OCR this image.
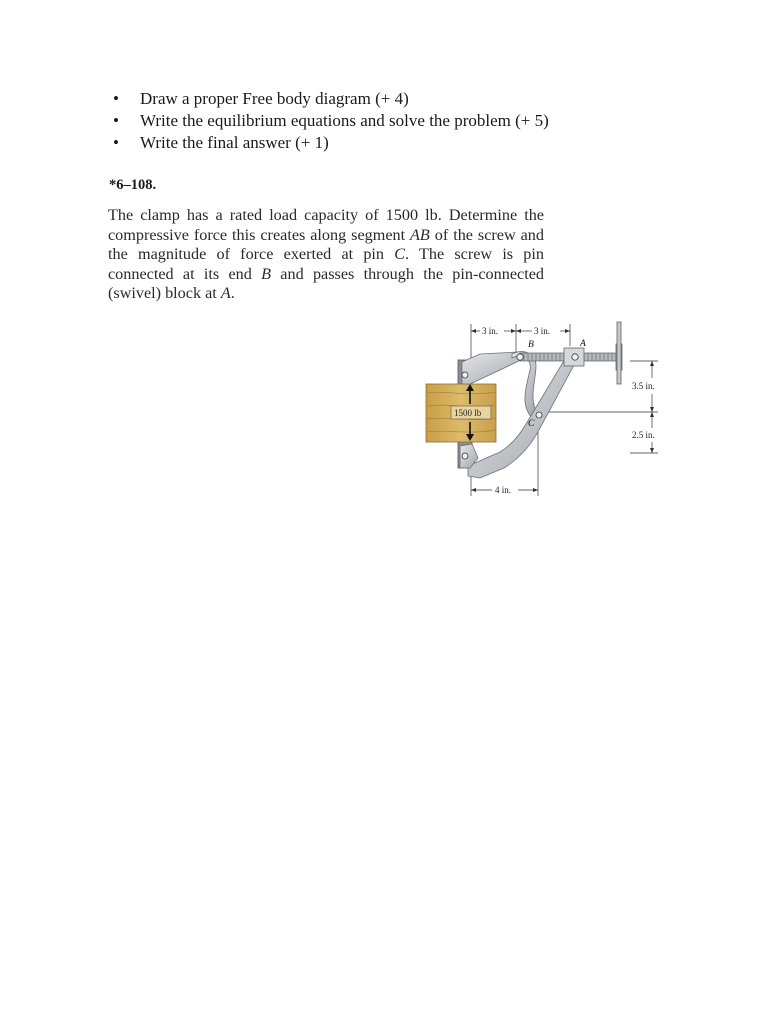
• Draw a proper Free body diagram (+ 4)
• Write the equilibrium equations and solve the problem (+ 5)
• Write the final answer (+ 1)
*6–108.
The clamp has a rated load capacity of 1500 lb. Determine the compressive force this creates along segment AB of the screw and the magnitude of force exerted at pin C. The screw is pin connected at its end B and passes through the pin-connected (swivel) block at A.
3 in.	3 in.
4 in.
3.5 in.
2.5 in.
B	A
C
1500 lb
